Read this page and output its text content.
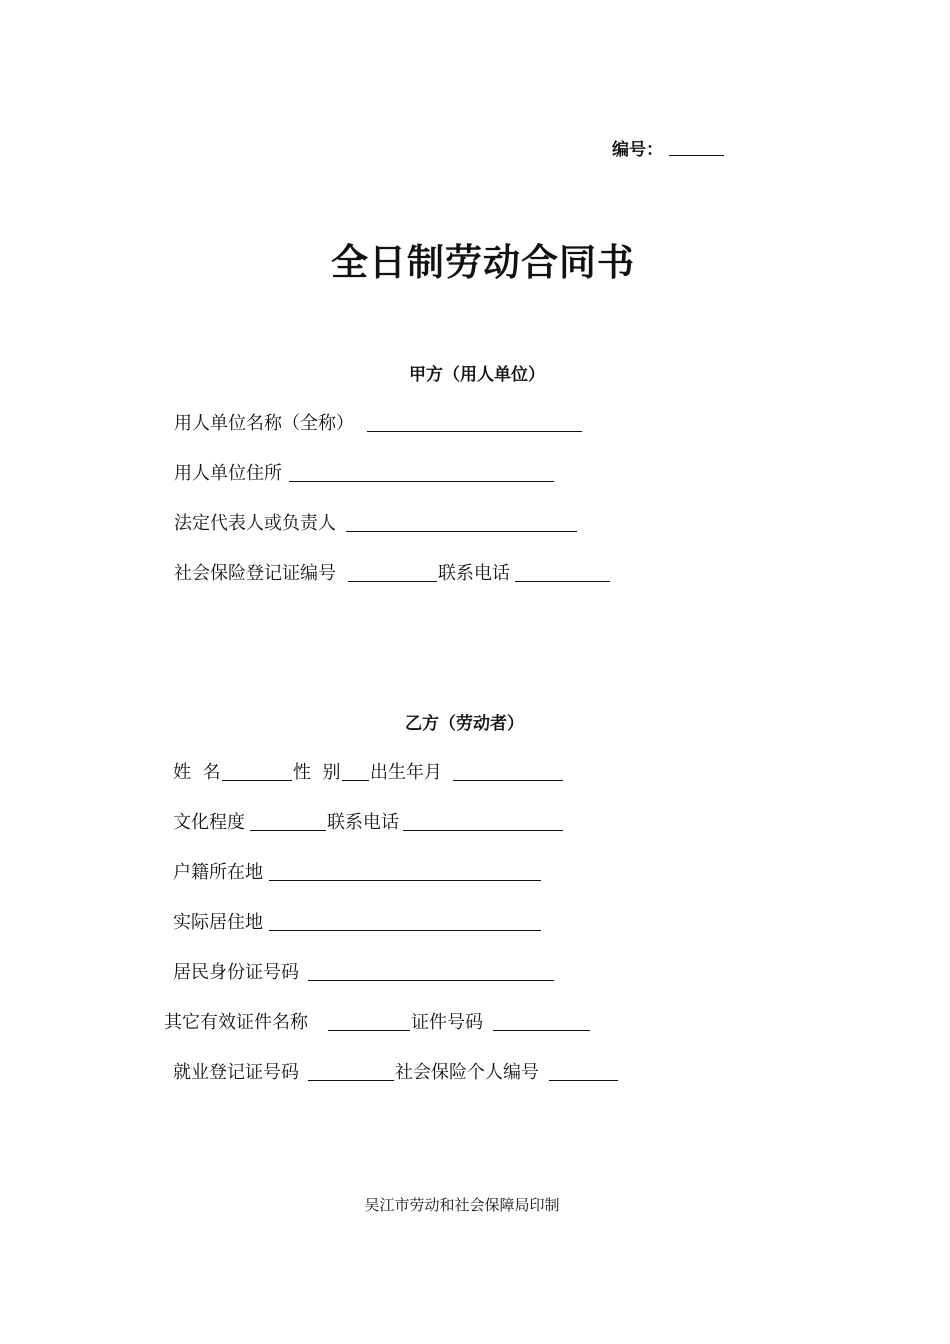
编号：
全日制劳动合同书
甲方（用人单位）
用人单位名称（全称）
用人单位住所
法定代表人或负责人
社会保险登记证编号	联系电话
乙方（劳动者）
姓  名	性  别 出生年月
文化程度	联系电话
户籍所在地
实际居住地
居民身份证号码
其它有效证件名称	证件号码
就业登记证号码	社会保险个人编号
吴江市劳动和社会保障局印制
